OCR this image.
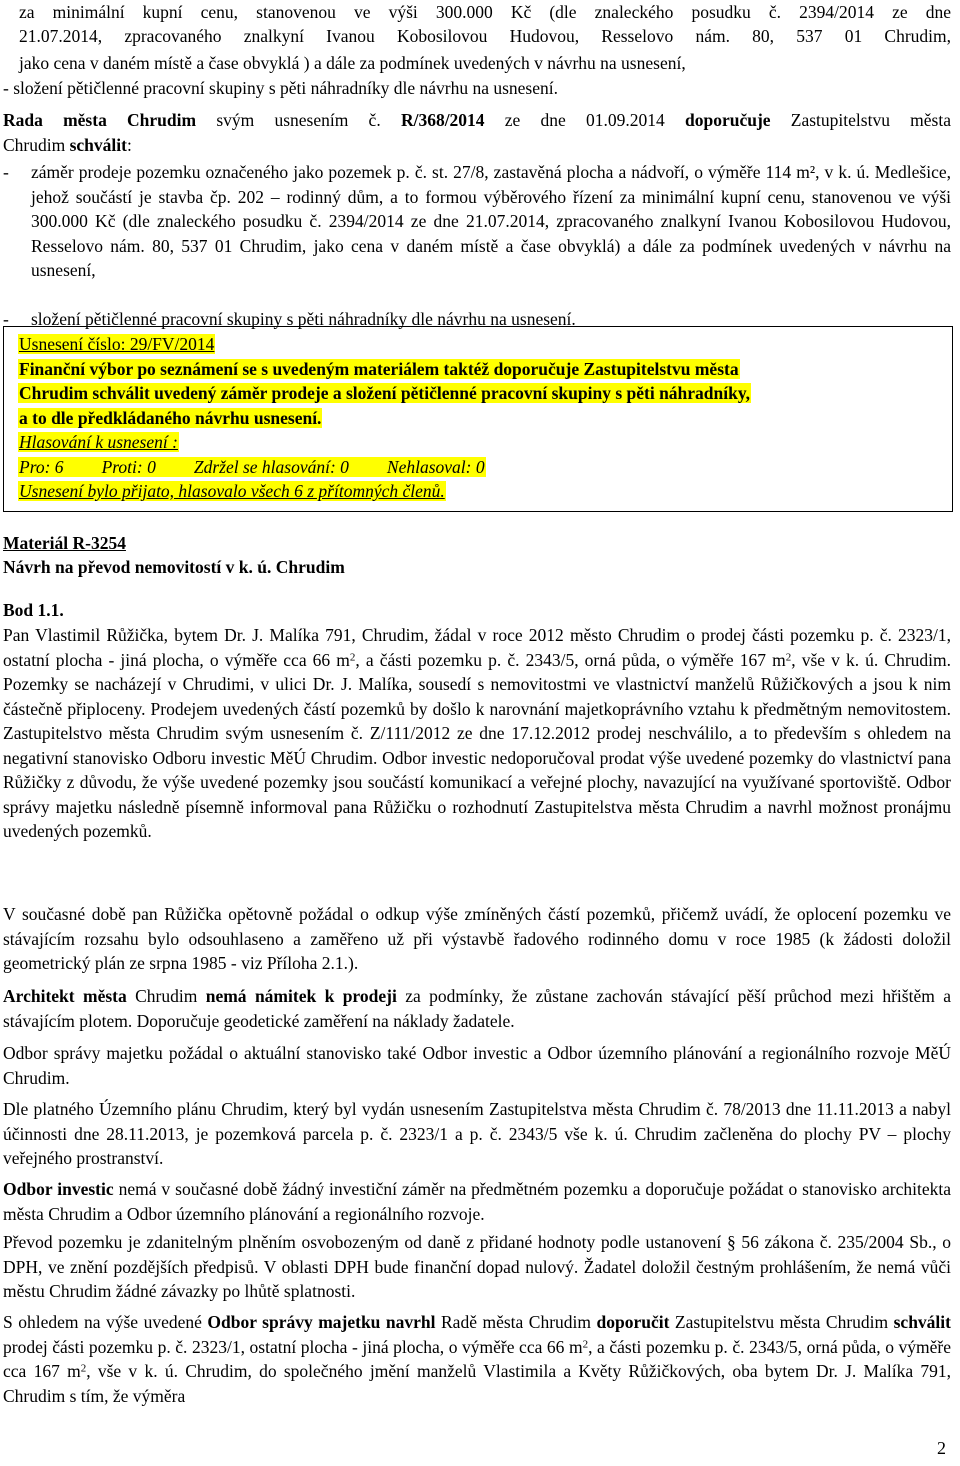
za minimální kupní cenu, stanovenou ve výši 300.000 Kč (dle znaleckého posudku č. 2394/2014 ze dne
21.07.2014, zpracovaného znalkyní Ivanou Kobosilovou Hudovou, Resselovo nám. 80, 537 01 Chrudim,
jako cena v daném místě a čase obvyklá ) a dále za podmínek uvedených v návrhu na usnesení,
- složení pětičlenné pracovní skupiny s pěti náhradníky dle návrhu na usnesení.
Rada města Chrudim svým usnesením č. R/368/2014 ze dne 01.09.2014 doporučuje Zastupitelstvu města
Chrudim schválit:
- záměr prodeje pozemku označeného jako pozemek p. č. st. 27/8, zastavěná plocha a nádvoří, o výměře 114 m², v k. ú. Medlešice, jehož součástí je stavba čp. 202 – rodinný dům, a to formou výběrového řízení za minimální kupní cenu, stanovenou ve výši 300.000 Kč (dle znaleckého posudku č. 2394/2014 ze dne 21.07.2014, zpracovaného znalkyní Ivanou Kobosilovou Hudovou, Resselovo nám. 80, 537 01 Chrudim, jako cena v daném místě a čase obvyklá) a dále za podmínek uvedených v návrhu na usnesení,
- složení pětičlenné pracovní skupiny s pěti náhradníky dle návrhu na usnesení.
Usnesení číslo: 29/FV/2014
Finanční výbor po seznámení se s uvedeným materiálem taktéž doporučuje Zastupitelstvu města
Chrudim schválit uvedený záměr prodeje a složení pětičlenné pracovní skupiny s pěti náhradníky,
a to dle předkládaného návrhu usnesení.
Hlasování k usnesení :
Pro: 6 Proti: 0 Zdržel se hlasování: 0 Nehlasoval: 0
Usnesení bylo přijato, hlasovalo všech 6 z přítomných členů.
Materiál R-3254
Návrh na převod nemovitostí v k. ú. Chrudim
Bod 1.1.
Pan Vlastimil Růžička, bytem Dr. J. Malíka 791, Chrudim, žádal v roce 2012 město Chrudim o prodej části pozemku p. č. 2323/1, ostatní plocha - jiná plocha, o výměře cca 66 $m^2$, a části pozemku p. č. 2343/5, orná půda, o výměře 167 $m^2$, vše v k. ú. Chrudim. Pozemky se nacházejí v Chrudimi, v ulici Dr. J. Malíka, sousedí s nemovitostmi ve vlastnictví manželů Růžičkových a jsou k nim částečně připloceny. Prodejem uvedených částí pozemků by došlo k narovnání majetkoprávního vztahu k předmětným nemovitostem. Zastupitelstvo města Chrudim svým usnesením č. Z/111/2012 ze dne 17.12.2012 prodej neschválilo, a to především s ohledem na negativní stanovisko Odboru investic MěÚ Chrudim. Odbor investic nedoporučoval prodat výše uvedené pozemky do vlastnictví pana Růžičky z důvodu, že výše uvedené pozemky jsou součástí komunikací a veřejné plochy, navazující na využívané sportoviště. Odbor správy majetku následně písemně informoval pana Růžičku o rozhodnutí Zastupitelstva města Chrudim a navrhl možnost pronájmu uvedených pozemků.
V současné době pan Růžička opětovně požádal o odkup výše zmíněných částí pozemků, přičemž uvádí, že oplocení pozemku ve stávajícím rozsahu bylo odsouhlaseno a zaměřeno už při výstavbě řadového rodinného domu v roce 1985 (k žádosti doložil geometrický plán ze srpna 1985 - viz Příloha 2.1.).
Architekt města Chrudim nemá námitek k prodeji za podmínky, že zůstane zachován stávající pěší průchod mezi hřištěm a stávajícím plotem. Doporučuje geodetické zaměření na náklady žadatele.
Odbor správy majetku požádal o aktuální stanovisko také Odbor investic a Odbor územního plánování a regionálního rozvoje MěÚ Chrudim.
Dle platného Územního plánu Chrudim, který byl vydán usnesením Zastupitelstva města Chrudim č. 78/2013 dne 11.11.2013 a nabyl účinnosti dne 28.11.2013, je pozemková parcela p. č. 2323/1 a p. č. 2343/5 vše k. ú. Chrudim začleněna do plochy PV – plochy veřejného prostranství.
Odbor investic nemá v současné době žádný investiční záměr na předmětném pozemku a doporučuje požádat o stanovisko architekta města Chrudim a Odbor územního plánování a regionálního rozvoje.
Převod pozemku je zdanitelným plněním osvobozeným od daně z přidané hodnoty podle ustanovení § 56 zákona č. 235/2004 Sb., o DPH, ve znění pozdějších předpisů. V oblasti DPH bude finanční dopad nulový. Žadatel doložil čestným prohlášením, že nemá vůči městu Chrudim žádné závazky po lhůtě splatnosti.
S ohledem na výše uvedené Odbor správy majetku navrhl Radě města Chrudim doporučit Zastupitelstvu města Chrudim schválit prodej části pozemku p. č. 2323/1, ostatní plocha - jiná plocha, o výměře cca 66 $m^2$, a části pozemku p. č. 2343/5, orná půda, o výměře cca 167 $m^2$, vše v k. ú. Chrudim, do společného jmění manželů Vlastimila a Květy Růžičkových, oba bytem Dr. J. Malíka 791, Chrudim s tím, že výměra
2
